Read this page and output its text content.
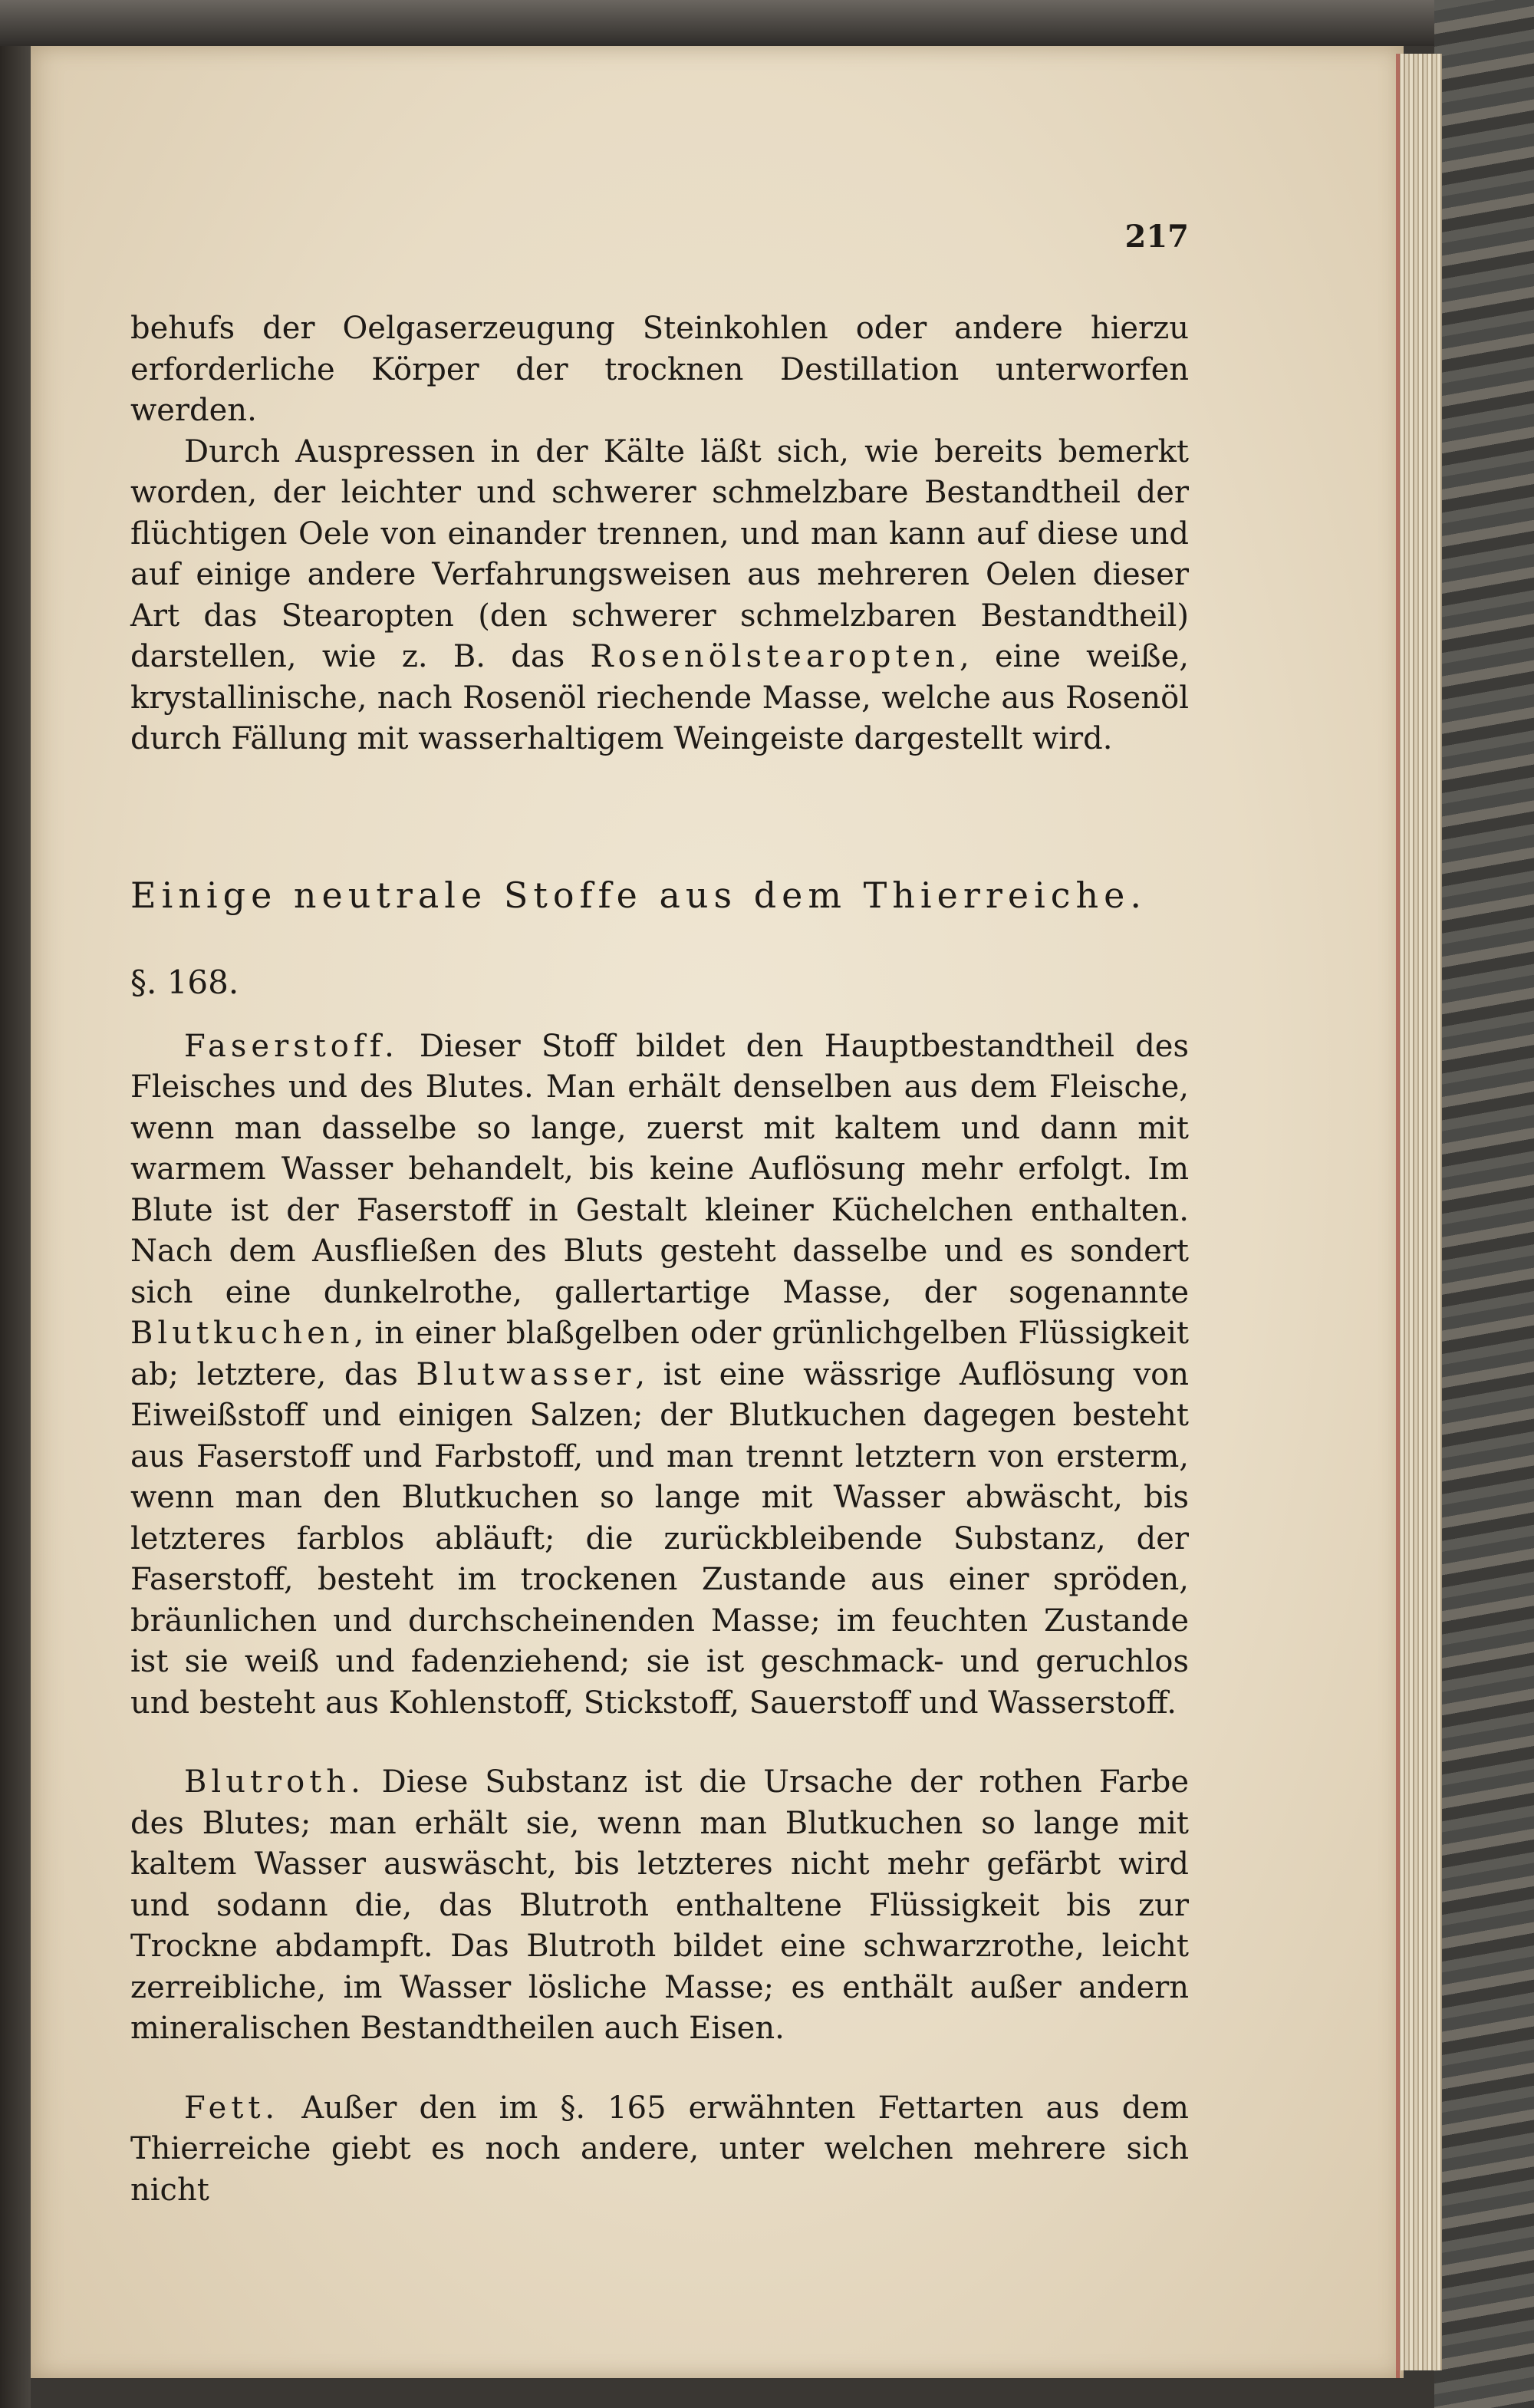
217

behufs der Oelgaserzeugung Steinkohlen oder andere hierzu erforderliche Körper der trocknen Destillation unterworfen werden.

Durch Auspressen in der Kälte läßt sich, wie bereits bemerkt worden, der leichter und schwerer schmelzbare Bestandtheil der flüchtigen Oele von einander trennen, und man kann auf diese und auf einige andere Verfahrungsweisen aus mehreren Oelen dieser Art das Stearopten (den schwerer schmelzbaren Bestandtheil) darstellen, wie z. B. das Rosenölstearopten, eine weiße, krystallinische, nach Rosenöl riechende Masse, welche aus Rosenöl durch Fällung mit wasserhaltigem Weingeiste dargestellt wird.

Einige neutrale Stoffe aus dem Thierreiche.

§. 168.

Faserstoff. Dieser Stoff bildet den Hauptbestandtheil des Fleisches und des Blutes. Man erhält denselben aus dem Fleische, wenn man dasselbe so lange, zuerst mit kaltem und dann mit warmem Wasser behandelt, bis keine Auflösung mehr erfolgt. Im Blute ist der Faserstoff in Gestalt kleiner Küchelchen enthalten. Nach dem Ausfließen des Bluts gesteht dasselbe und es sondert sich eine dunkelrothe, gallertartige Masse, der sogenannte Blutkuchen, in einer blaßgelben oder grünlichgelben Flüssigkeit ab; letztere, das Blutwasser, ist eine wässrige Auflösung von Eiweißstoff und einigen Salzen; der Blutkuchen dagegen besteht aus Faserstoff und Farbstoff, und man trennt letztern von ersterm, wenn man den Blutkuchen so lange mit Wasser abwäscht, bis letzteres farblos abläuft; die zurückbleibende Substanz, der Faserstoff, besteht im trockenen Zustande aus einer spröden, bräunlichen und durchscheinenden Masse; im feuchten Zustande ist sie weiß und fadenziehend; sie ist geschmack- und geruchlos und besteht aus Kohlenstoff, Stickstoff, Sauerstoff und Wasserstoff.

Blutroth. Diese Substanz ist die Ursache der rothen Farbe des Blutes; man erhält sie, wenn man Blutkuchen so lange mit kaltem Wasser auswäscht, bis letzteres nicht mehr gefärbt wird und sodann die, das Blutroth enthaltene Flüssigkeit bis zur Trockne abdampft. Das Blutroth bildet eine schwarzrothe, leicht zerreibliche, im Wasser lösliche Masse; es enthält außer andern mineralischen Bestandtheilen auch Eisen.

Fett. Außer den im §. 165 erwähnten Fettarten aus dem Thierreiche giebt es noch andere, unter welchen mehrere sich nicht
